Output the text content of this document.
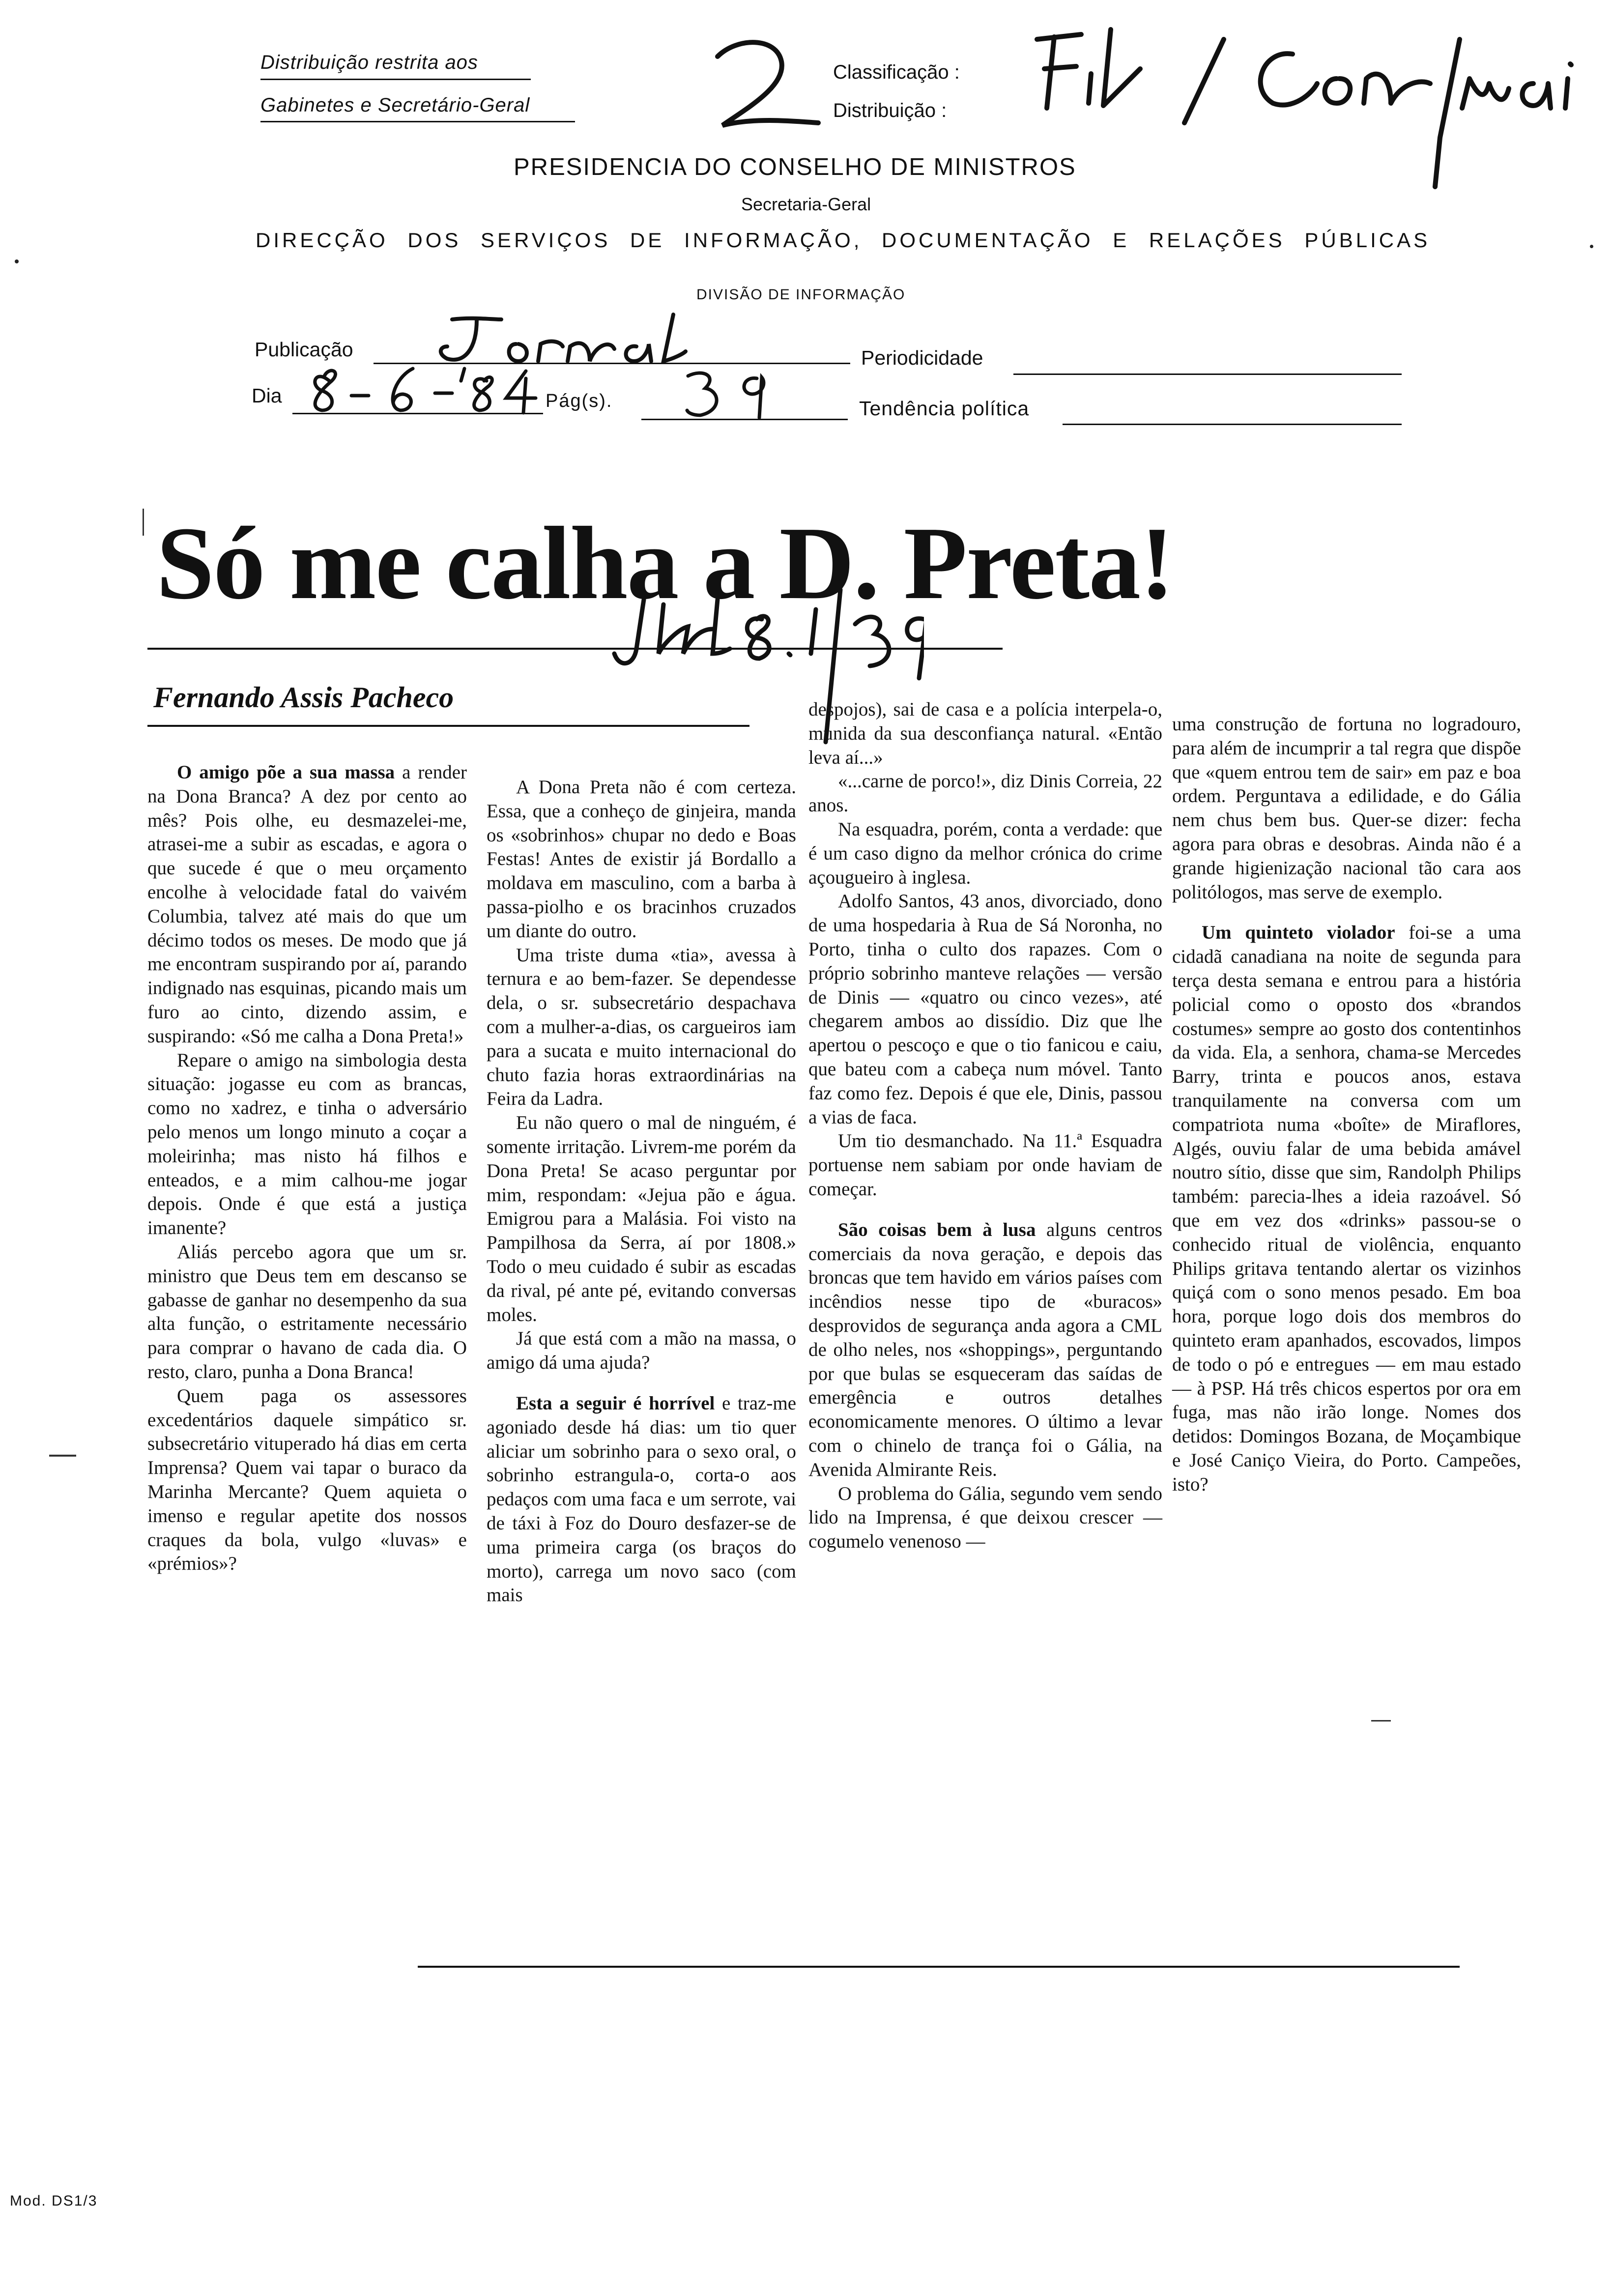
Distribuição restrita aos
Gabinetes e Secretário-Geral
Classificação :
Distribuição :
PRESIDENCIA DO CONSELHO DE MINISTROS
Secretaria-Geral
DIRECÇÃO DOS SERVIÇOS DE INFORMAÇÃO, DOCUMENTAÇÃO E RELAÇÕES PÚBLICAS
DIVISÃO DE INFORMAÇÃO
Publicação	Periodicidade
Dia	Pág(s).	Tendência política
Só me calha a D. Preta!
Fernando Assis Pacheco

O amigo põe a sua massa a render na Dona Branca? A dez por cento ao mês? Pois olhe, eu desmazelei-me, atrasei-me a subir as escadas, e agora o que sucede é que o meu orçamento encolhe à velocidade fatal do vaivém Columbia, talvez até mais do que um décimo todos os meses. De modo que já me encontram suspirando por aí, parando indignado nas esquinas, picando mais um furo ao cinto, dizendo assim, e suspirando: «Só me calha a Dona Preta!»

Repare o amigo na simbologia desta situação: jogasse eu com as brancas, como no xadrez, e tinha o adversário pelo menos um longo minuto a coçar a moleirinha; mas nisto há filhos e enteados, e a mim calhou-me jogar depois. Onde é que está a justiça imanente?

Aliás percebo agora que um sr. ministro que Deus tem em descanso se gabasse de ganhar no desempenho da sua alta função, o estritamente necessário para comprar o havano de cada dia. O resto, claro, punha a Dona Branca!

Quem paga os assessores excedentários daquele simpático sr. subsecretário vituperado há dias em certa Imprensa? Quem vai tapar o buraco da Marinha Mercante? Quem aquieta o imenso e regular apetite dos nossos craques da bola, vulgo «luvas» e «prémios»?

A Dona Preta não é com certeza. Essa, que a conheço de ginjeira, manda os «sobrinhos» chupar no dedo e Boas Festas! Antes de existir já Bordallo a moldava em masculino, com a barba à passa-piolho e os bracinhos cruzados um diante do outro.

Uma triste duma «tia», avessa à ternura e ao bem-fazer. Se dependesse dela, o sr. subsecretário despachava com a mulher-a-dias, os cargueiros iam para a sucata e muito internacional do chuto fazia horas extraordinárias na Feira da Ladra.

Eu não quero o mal de ninguém, é somente irritação. Livrem-me porém da Dona Preta! Se acaso perguntar por mim, respondam: «Jejua pão e água. Emigrou para a Malásia. Foi visto na Pampilhosa da Serra, aí por 1808.» Todo o meu cuidado é subir as escadas da rival, pé ante pé, evitando conversas moles.

Já que está com a mão na massa, o amigo dá uma ajuda?

Esta a seguir é horrível e traz-me agoniado desde há dias: um tio quer aliciar um sobrinho para o sexo oral, o sobrinho estrangula-o, corta-o aos pedaços com uma faca e um serrote, vai de táxi à Foz do Douro desfazer-se de uma primeira carga (os braços do morto), carrega um novo saco (com mais

despojos), sai de casa e a polícia interpela-o, munida da sua desconfiança natural. «Então leva aí...»

«...carne de porco!», diz Dinis Correia, 22 anos.

Na esquadra, porém, conta a verdade: que é um caso digno da melhor crónica do crime açougueiro à inglesa.

Adolfo Santos, 43 anos, divorciado, dono de uma hospedaria à Rua de Sá Noronha, no Porto, tinha o culto dos rapazes. Com o próprio sobrinho manteve relações — versão de Dinis — «quatro ou cinco vezes», até chegarem ambos ao dissídio. Diz que lhe apertou o pescoço e que o tio fanicou e caiu, que bateu com a cabeça num móvel. Tanto faz como fez. Depois é que ele, Dinis, passou a vias de faca.

Um tio desmanchado. Na 11.ª Esquadra portuense nem sabiam por onde haviam de começar.

São coisas bem à lusa alguns centros comerciais da nova geração, e depois das broncas que tem havido em vários países com incêndios nesse tipo de «buracos» desprovidos de segurança anda agora a CML de olho neles, nos «shoppings», perguntando por que bulas se esqueceram das saídas de emergência e outros detalhes economicamente menores. O último a levar com o chinelo de trança foi o Gália, na Avenida Almirante Reis.

O problema do Gália, segundo vem sendo lido na Imprensa, é que deixou crescer — cogumelo venenoso —

uma construção de fortuna no logradouro, para além de incumprir a tal regra que dispõe que «quem entrou tem de sair» em paz e boa ordem. Perguntava a edilidade, e do Gália nem chus bem bus. Quer-se dizer: fecha agora para obras e desobras. Ainda não é a grande higienização nacional tão cara aos politólogos, mas serve de exemplo.

Um quinteto violador foi-se a uma cidadã canadiana na noite de segunda para terça desta semana e entrou para a história policial como o oposto dos «brandos costumes» sempre ao gosto dos contentinhos da vida. Ela, a senhora, chama-se Mercedes Barry, trinta e poucos anos, estava tranquilamente na conversa com um compatriota numa «boîte» de Miraflores, Algés, ouviu falar de uma bebida amável noutro sítio, disse que sim, Randolph Philips também: parecia-lhes a ideia razoável. Só que em vez dos «drinks» passou-se o conhecido ritual de violência, enquanto Philips gritava tentando alertar os vizinhos quiçá com o sono menos pesado. Em boa hora, porque logo dois dos membros do quinteto eram apanhados, escovados, limpos de todo o pó e entregues — em mau estado — à PSP. Há três chicos espertos por ora em fuga, mas não irão longe. Nomes dos detidos: Domingos Bozana, de Moçambique e José Caniço Vieira, do Porto. Campeões, isto?

Mod. DS1/3
